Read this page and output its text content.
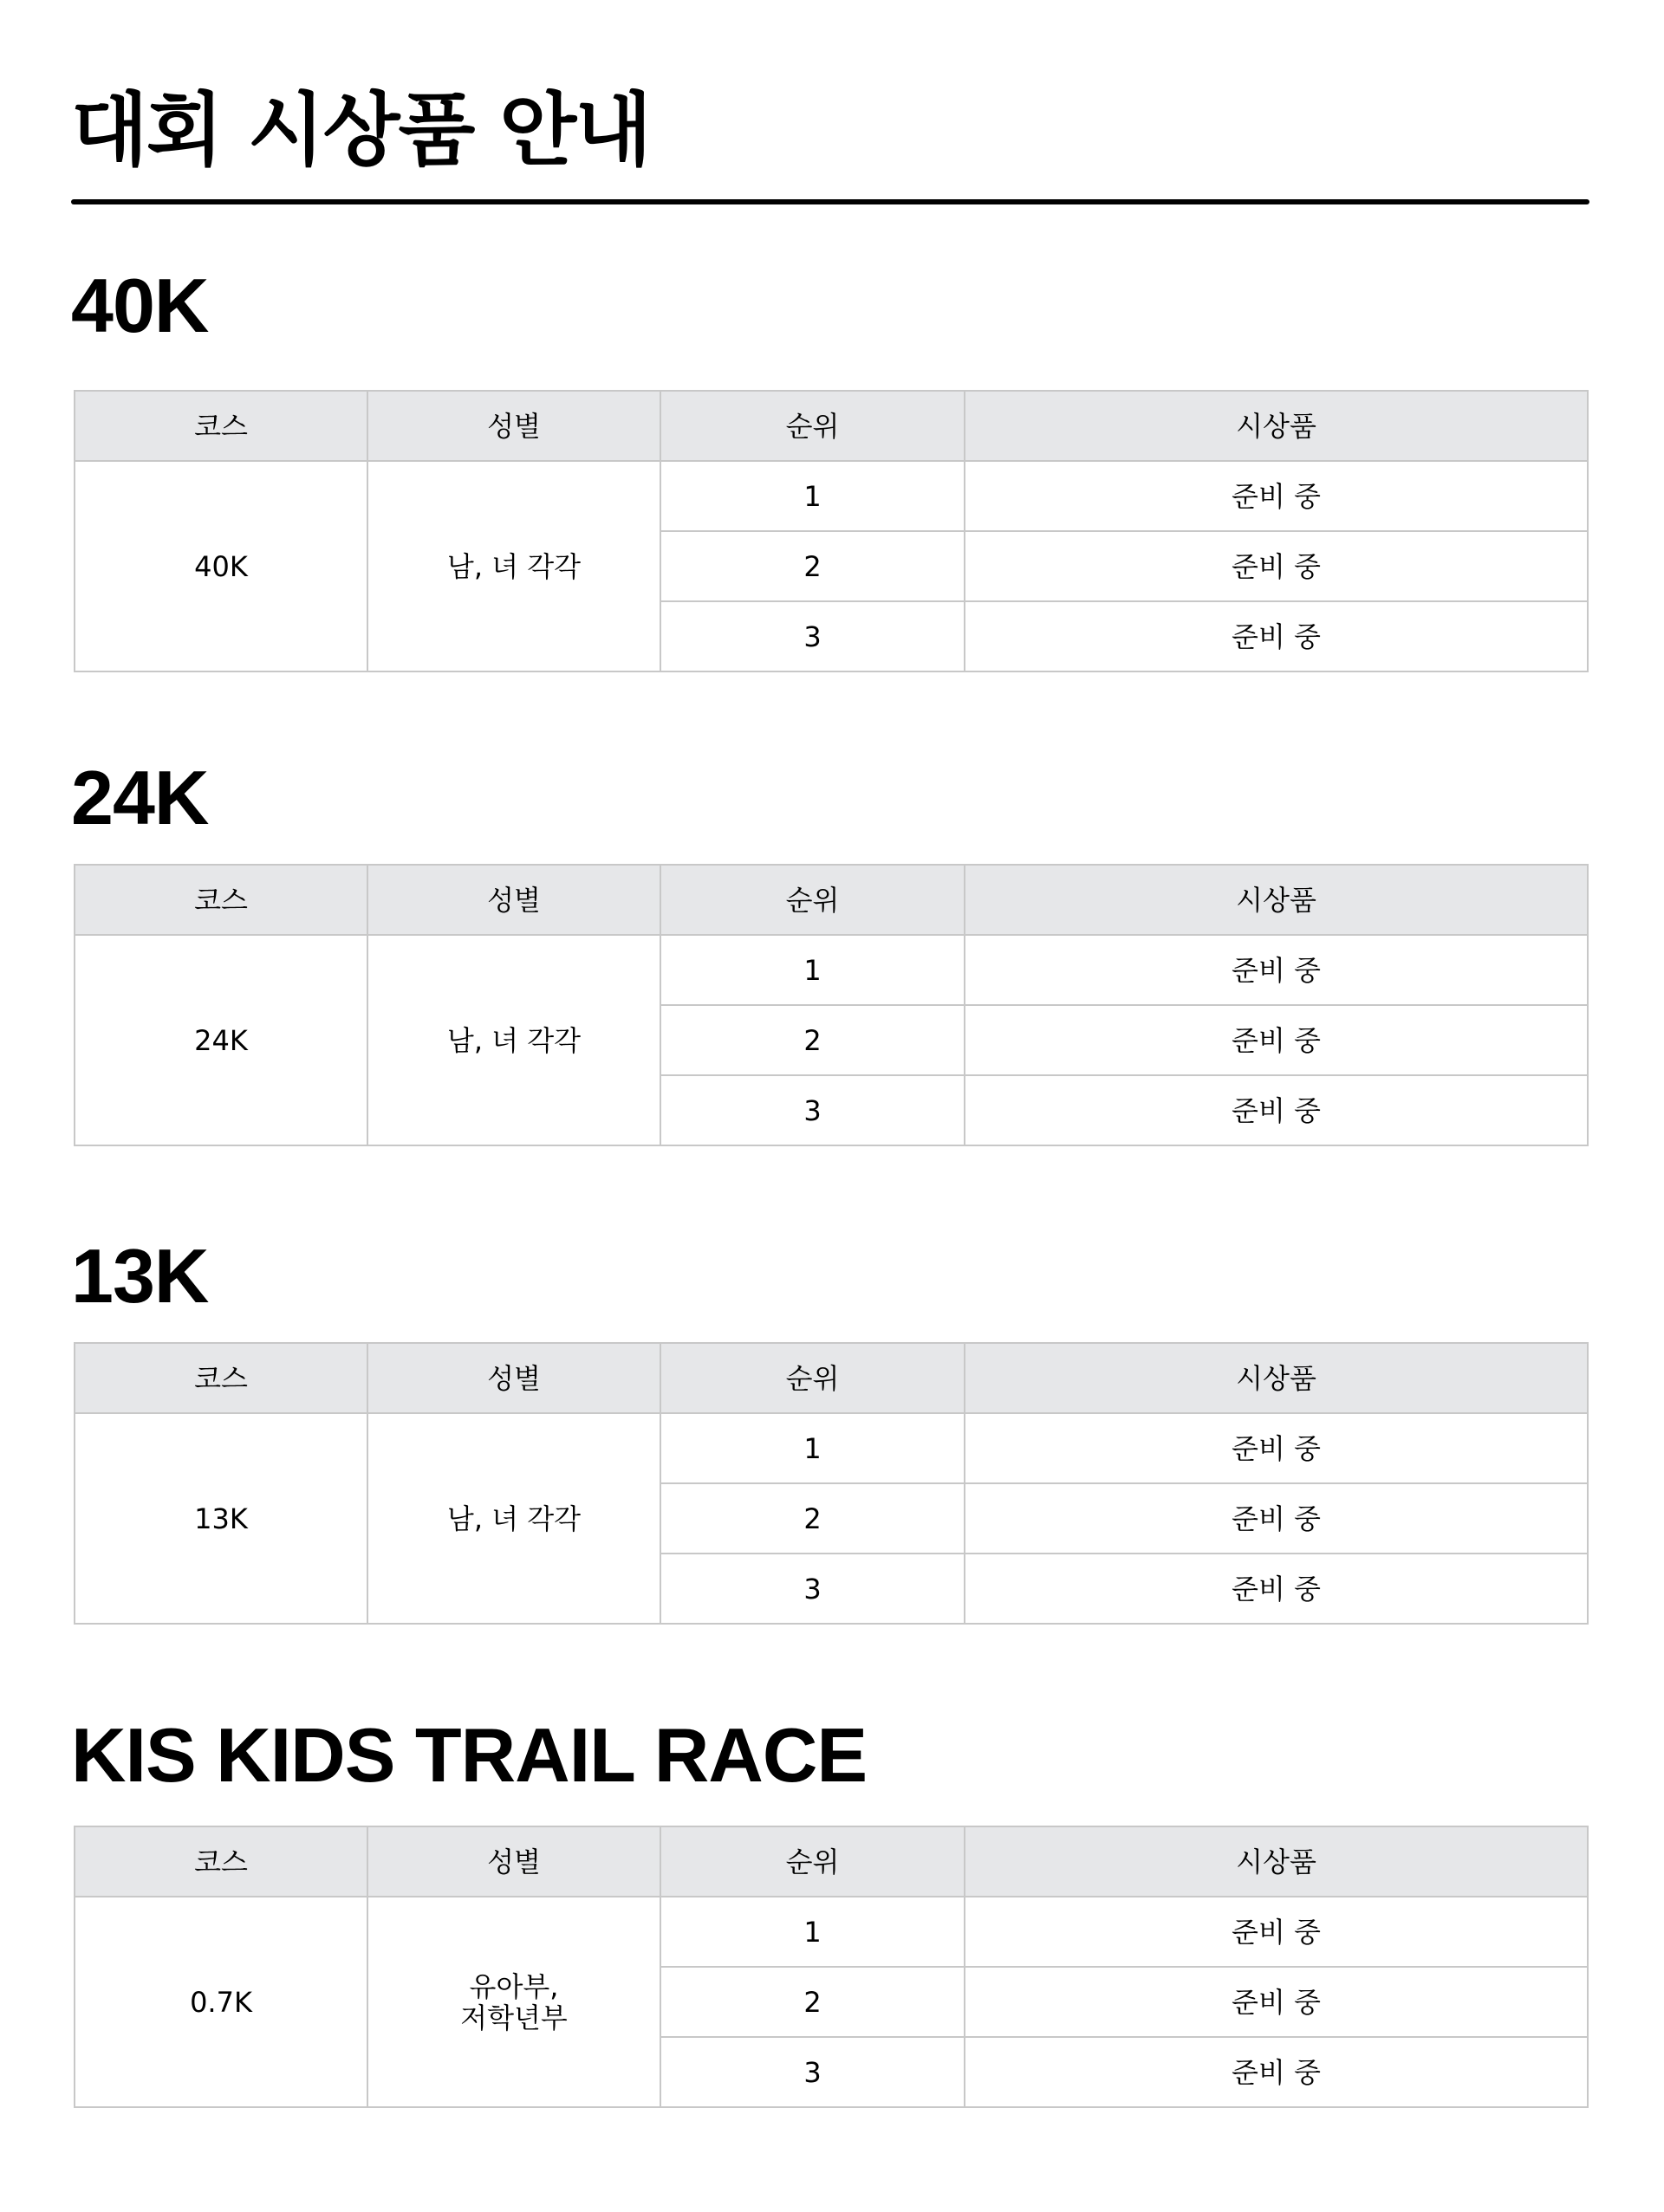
대회 시상품 안내
40K
코스	성별	순위	시상품
40K	남, 녀 각각	1	준비 중
		2	준비 중
		3	준비 중
24K
코스	성별	순위	시상품
24K	남, 녀 각각	1	준비 중
		2	준비 중
		3	준비 중
13K
코스	성별	순위	시상품
13K	남, 녀 각각	1	준비 중
		2	준비 중
		3	준비 중
KIS KIDS TRAIL RACE
코스	성별	순위	시상품
0.7K	유아부,
저학년부	1	준비 중
		2	준비 중
		3	준비 중
